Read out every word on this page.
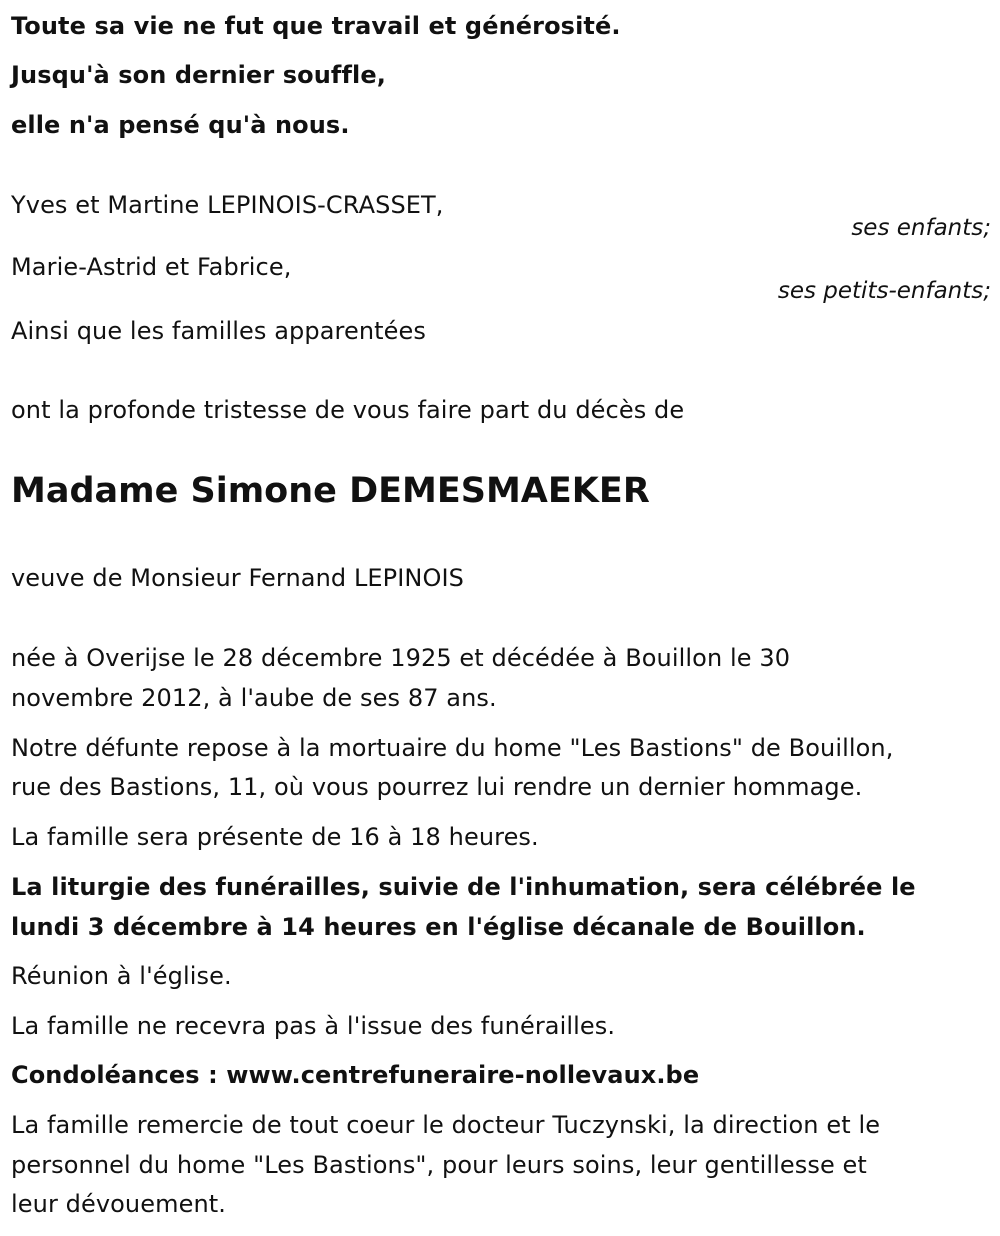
Toute sa vie ne fut que travail et générosité.
Jusqu'à son dernier souffle,
elle n'a pensé qu'à nous.
Yves et Martine LEPINOIS-CRASSET,
ses enfants;
Marie-Astrid et Fabrice,
ses petits-enfants;
Ainsi que les familles apparentées
ont la profonde tristesse de vous faire part du décès de
Madame Simone DEMESMAEKER
veuve de Monsieur Fernand LEPINOIS
née à Overijse le 28 décembre 1925 et décédée à Bouillon le 30
novembre 2012, à l'aube de ses 87 ans.
Notre défunte repose à la mortuaire du home "Les Bastions" de Bouillon,
rue des Bastions, 11, où vous pourrez lui rendre un dernier hommage.
La famille sera présente de 16 à 18 heures.
La liturgie des funérailles, suivie de l'inhumation, sera célébrée le
lundi 3 décembre à 14 heures en l'église décanale de Bouillon.
Réunion à l'église.
La famille ne recevra pas à l'issue des funérailles.
Condoléances : www.centrefuneraire-nollevaux.be
La famille remercie de tout coeur le docteur Tuczynski, la direction et le
personnel du home "Les Bastions", pour leurs soins, leur gentillesse et
leur dévouement.
